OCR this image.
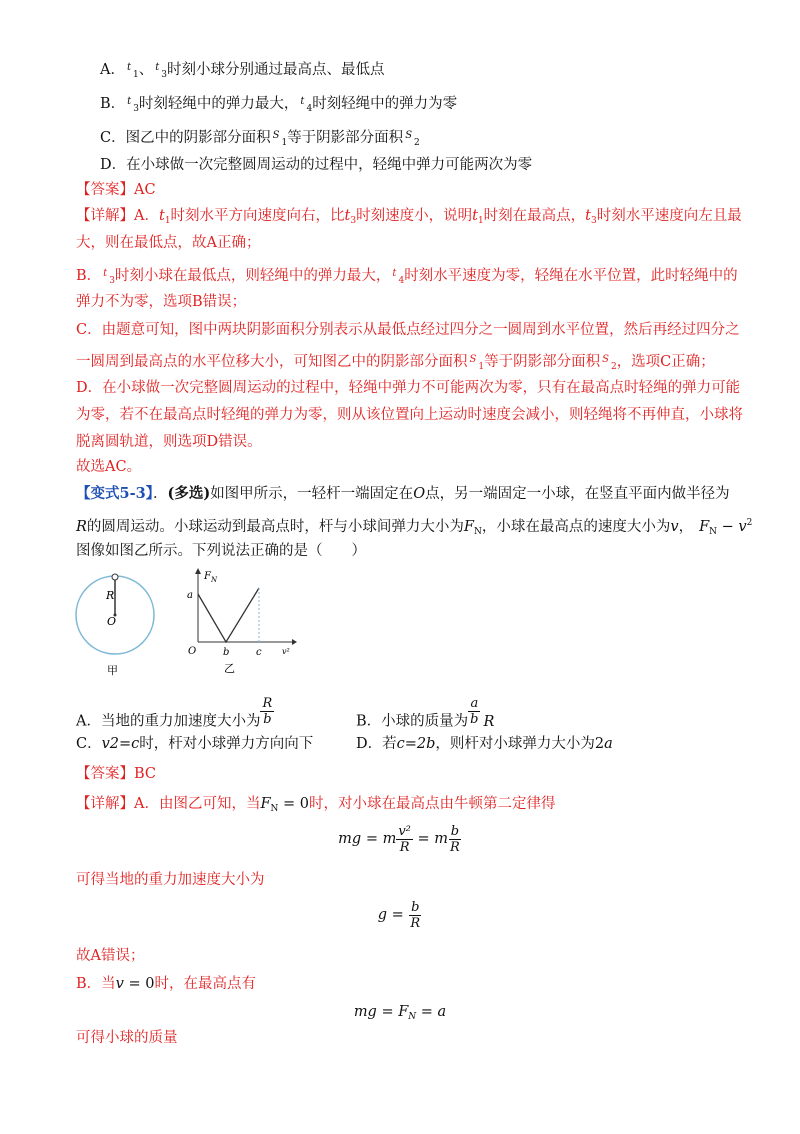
A． $^t_1$、 $^t_3$时刻小球分别通过最高点、最低点
B． $^t_3$时刻轻绳中的弹力最大， $^t_4$时刻轻绳中的弹力为零
C．图乙中的阴影部分面积 $^S_1$等于阴影部分面积 $^S_2$
D．在小球做一次完整圆周运动的过程中，轻绳中弹力可能两次为零
【答案】AC
【详解】A．$t_1$时刻水平方向速度向右，比$t_3$时刻速度小，说明$t_1$时刻在最高点，$t_3$时刻水平速度向左且最
大，则在最低点，故A正确；
B． $^t_3$时刻小球在最低点，则轻绳中的弹力最大， $^t_4$时刻水平速度为零，轻绳在水平位置，此时轻绳中的
弹力不为零，选项B错误；
C．由题意可知，图中两块阴影面积分别表示从最低点经过四分之一圆周到水平位置，然后再经过四分之
一圆周到最高点的水平位移大小，可知图乙中的阴影部分面积 $^S_1$等于阴影部分面积 $^S_2$，选项C正确；
D．在小球做一次完整圆周运动的过程中，轻绳中弹力不可能两次为零，只有在最高点时轻绳的弹力可能
为零，若不在最高点时轻绳的弹力为零，则从该位置向上运动时速度会减小，则轻绳将不再伸直，小球将
脱离圆轨道，则选项D错误。
故选AC。
【变式5-3】．(多选)如图甲所示，一轻杆一端固定在O点，另一端固定一小球，在竖直平面内做半径为
R的圆周运动。小球运动到最高点时，杆与小球间弹力大小为$F_N$，小球在最高点的速度大小为v， $F_N - v^2$
图像如图乙所示。下列说法正确的是（　　）
R
O
甲
$F_N$
a
O	b	c	v²
乙
A．当地的重力加速度大小为 $\frac{R}{b}$	B．小球的质量为 $\frac{a}{b}$ R
C．v2=c时，杆对小球弹力方向向下	D．若c=2b，则杆对小球弹力大小为2a
【答案】BC
【详解】A．由图乙可知，当$F_N = 0$时，对小球在最高点由牛顿第二定律得
mg = m $\frac{\text{v²}}{R} = m \frac{b}{R}$
可得当地的重力加速度大小为
$g = \frac{b}{R}$
故A错误；
B．当v = 0时，在最高点有
mg = $F_N = a$
可得小球的质量
